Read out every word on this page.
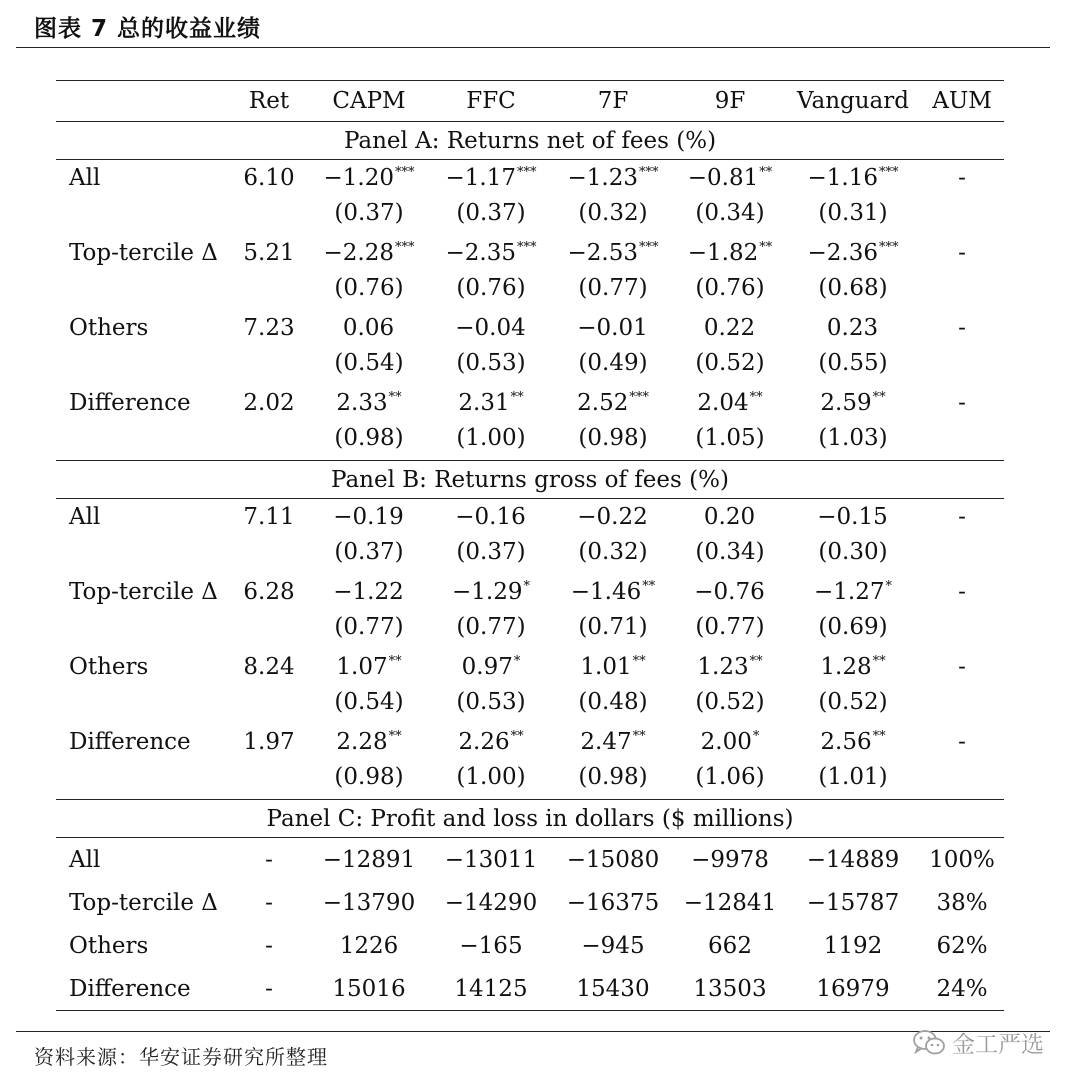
图表 7 总的收益业绩
	Ret	CAPM	FFC	7F	9F	Vanguard	AUM
Panel A: Returns net of fees (%)							
All	6.10	−1.20***	−1.17***	−1.23***	−0.81**	−1.16***	-
		(0.37)	(0.37)	(0.32)	(0.34)	(0.31)	

Top-tercile Δ	5.21	−2.28***	−2.35***	−2.53***	−1.82**	−2.36***	-
		(0.76)	(0.76)	(0.77)	(0.76)	(0.68)	

Others	7.23	0.06	−0.04	−0.01	0.22	0.23	-
		(0.54)	(0.53)	(0.49)	(0.52)	(0.55)	

Difference	2.02	2.33**	2.31**	2.52***	2.04**	2.59**	-
		(0.98)	(1.00)	(0.98)	(1.05)	(1.03)	

Panel B: Returns gross of fees (%)							
All	7.11	−0.19	−0.16	−0.22	0.20	−0.15	-
		(0.37)	(0.37)	(0.32)	(0.34)	(0.30)	

Top-tercile Δ	6.28	−1.22	−1.29*	−1.46**	−0.76	−1.27*	-
		(0.77)	(0.77)	(0.71)	(0.77)	(0.69)	

Others	8.24	1.07**	0.97*	1.01**	1.23**	1.28**	-
		(0.54)	(0.53)	(0.48)	(0.52)	(0.52)	

Difference	1.97	2.28**	2.26**	2.47**	2.00*	2.56**	-
		(0.98)	(1.00)	(0.98)	(1.06)	(1.01)	

Panel C: Profit and loss in dollars ($ millions)							
All	-	−12891	−13011	−15080	−9978	−14889	100%
Top-tercile Δ	-	−13790	−14290	−16375	−12841	−15787	38%
Others	-	1226	−165	−945	662	1192	62%
Difference	-	15016	14125	15430	13503	16979	24%
资料来源：华安证券研究所整理	金工严选
